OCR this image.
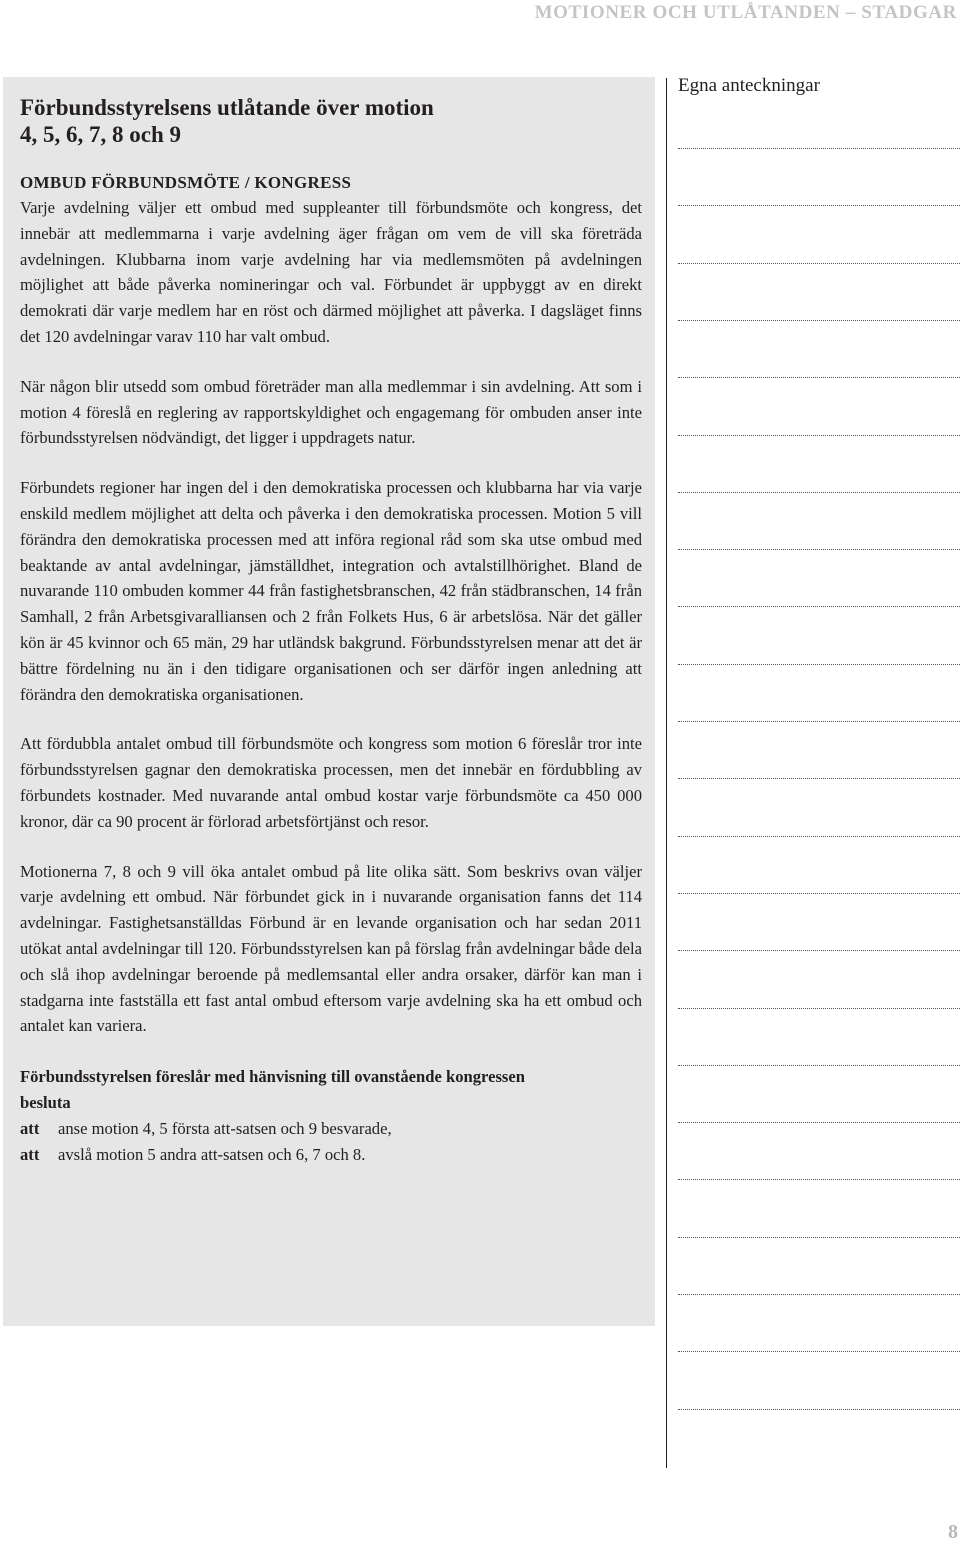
MOTIONER OCH UTLÅTANDEN – STADGAR
Förbundsstyrelsens utlåtande över motion
4, 5, 6, 7, 8 och 9
OMBUD FÖRBUNDSMÖTE / KONGRESS

Varje avdelning väljer ett ombud med suppleanter till förbundsmöte och kongress, det innebär att medlemmarna i varje avdelning äger frågan om vem de vill ska företräda avdelningen. Klubbarna inom varje avdelning har via medlemsmöten på avdelningen möjlighet att både påverka nomineringar och val. Förbundet är uppbyggt av en direkt demokrati där varje medlem har en röst och därmed möjlighet att påverka. I dagsläget finns det 120 avdelningar varav 110 har valt ombud.

När någon blir utsedd som ombud företräder man alla medlemmar i sin avdelning. Att som i motion 4 föreslå en reglering av rapportskyldighet och engagemang för ombuden anser inte förbundsstyrelsen nödvändigt, det ligger i uppdragets natur.

Förbundets regioner har ingen del i den demokratiska processen och klubbarna har via varje enskild medlem möjlighet att delta och påverka i den demokratiska processen. Motion 5 vill förändra den demokratiska processen med att införa regional råd som ska utse ombud med beaktande av antal avdelningar, jämställdhet, integration och avtalstillhörighet. Bland de nuvarande 110 ombuden kommer 44 från fastighetsbranschen, 42 från städbranschen, 14 från Samhall, 2 från Arbetsgivaralliansen och 2 från Folkets Hus, 6 är arbetslösa. När det gäller kön är 45 kvinnor och 65 män, 29 har utländsk bakgrund. Förbundsstyrelsen menar att det är bättre fördelning nu än i den tidigare organisationen och ser därför ingen anledning att förändra den demokratiska organisationen.

Att fördubbla antalet ombud till förbundsmöte och kongress som motion 6 föreslår tror inte förbundsstyrelsen gagnar den demokratiska processen, men det innebär en fördubbling av förbundets kostnader. Med nuvarande antal ombud kostar varje förbundsmöte ca 450 000 kronor, där ca 90 procent är förlorad arbetsförtjänst och resor.

Motionerna 7, 8 och 9 vill öka antalet ombud på lite olika sätt. Som beskrivs ovan väljer varje avdelning ett ombud. När förbundet gick in i nuvarande organisation fanns det 114 avdelningar. Fastighetsanställdas Förbund är en levande organisation och har sedan 2011 utökat antal avdelningar till 120. Förbundsstyrelsen kan på förslag från avdelningar både dela och slå ihop avdelningar beroende på medlemsantal eller andra orsaker, därför kan man i stadgarna inte fastställa ett fast antal ombud eftersom varje avdelning ska ha ett ombud och antalet kan variera.

Förbundsstyrelsen föreslår med hänvisning till ovanstående kongressen besluta
att	anse motion 4, 5 första att-satsen och 9 besvarade,
att	avslå motion 5 andra att-satsen och 6, 7 och 8.
Egna anteckningar
8
